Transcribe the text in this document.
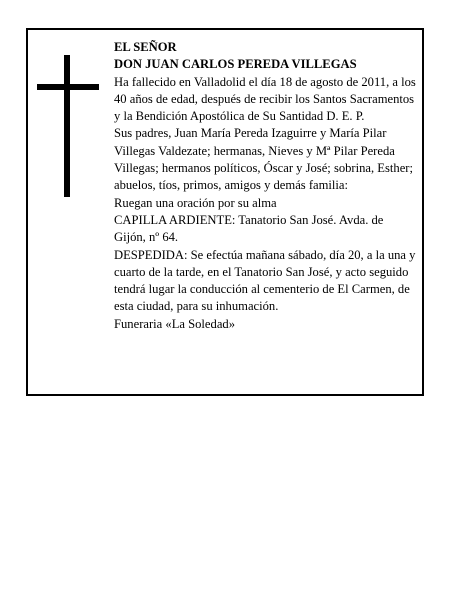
EL SEÑOR

DON JUAN CARLOS PEREDA VILLEGAS

Ha fallecido en Valladolid el día 18 de agosto de 2011, a los 40 años de edad, después de recibir los Santos Sacramentos y la Bendición Apostólica de Su Santidad D. E. P.

Sus padres, Juan María Pereda Izaguirre y María Pilar Villegas Valdezate; hermanas, Nieves y Mª Pilar Pereda Villegas; hermanos políticos, Óscar y José; sobrina, Esther; abuelos, tíos, primos, amigos y demás familia:

Ruegan una oración por su alma

CAPILLA ARDIENTE: Tanatorio San José. Avda. de Gijón, nº 64.

DESPEDIDA: Se efectúa mañana sábado, día 20, a la una y cuarto de la tarde, en el Tanatorio San José, y acto seguido tendrá lugar la conducción al cementerio de El Carmen, de esta ciudad, para su inhumación.

Funeraria «La Soledad»
